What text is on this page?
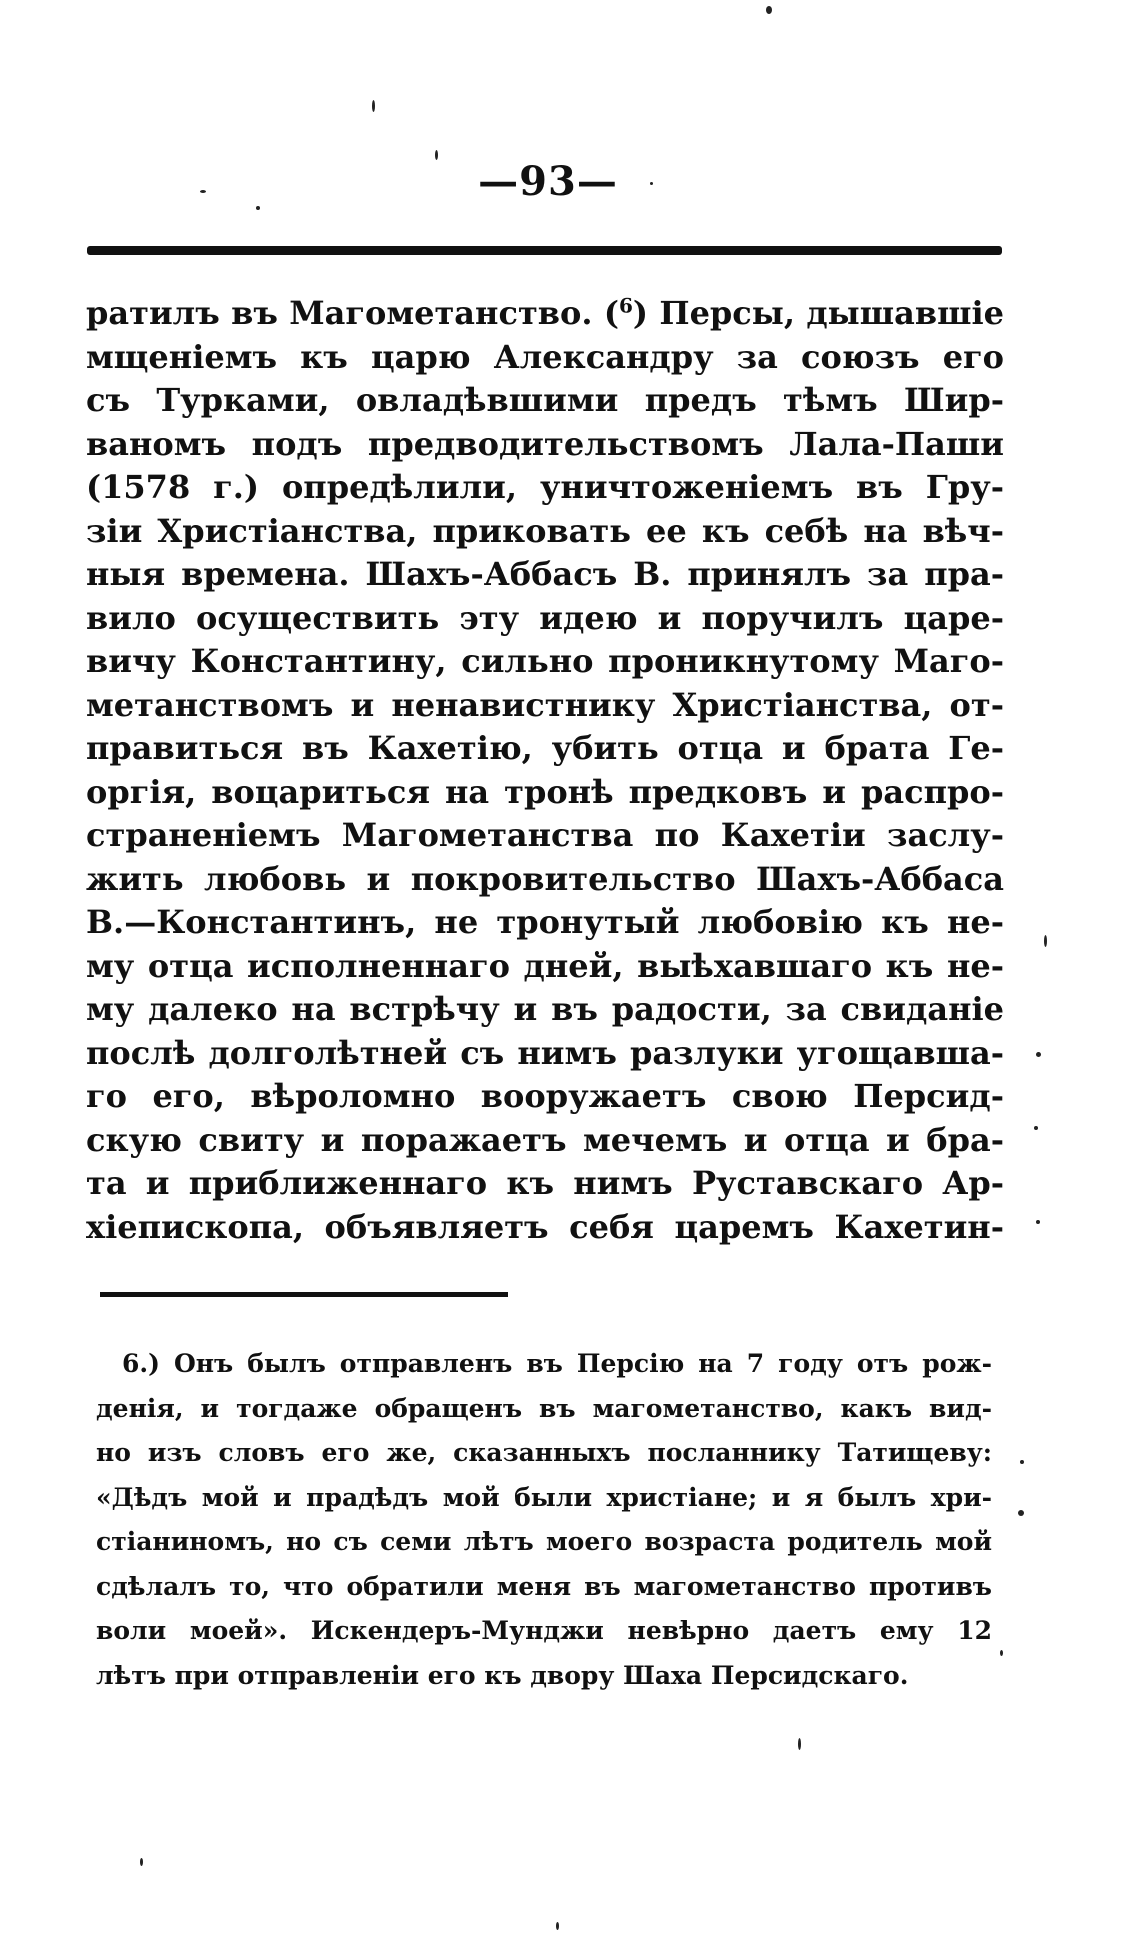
—93—
ратилъ въ Магометанство. ($^6$) Персы, дышавшіе
мщеніемъ къ царю Александру за союзъ его
съ Турками, овладѣвшими предъ тѣмъ Шир-
ваномъ подъ предводительствомъ Лала-Паши
(1578 г.) опредѣлили, уничтоженіемъ въ Гру-
зіи Христіанства, приковать ее къ себѣ на вѣч-
ныя времена. Шахъ-Аббасъ В. принялъ за пра-
вило осуществить эту идею и поручилъ царе-
вичу Константину, сильно проникнутому Маго-
метанствомъ и ненавистнику Христіанства, от-
правиться въ Кахетію, убить отца и брата Ге-
оргія, воцариться на тронѣ предковъ и распро-
страненіемъ Магометанства по Кахетіи заслу-
жить любовь и покровительство Шахъ-Аббаса
В.—Константинъ, не тронутый любовію къ не-
му отца исполненнаго дней, выѣхавшаго къ не-
му далеко на встрѣчу и въ радости, за свиданіе
послѣ долголѣтней съ нимъ разлуки угощавша-
го его, вѣроломно вооружаетъ свою Персид-
скую свиту и поражаетъ мечемъ и отца и бра-
та и приближеннаго къ нимъ Руставскаго Ар-
хіепископа, объявляетъ себя царемъ Кахетин-
6.) Онъ былъ отправленъ въ Персію на 7 году отъ рож-
денія, и тогдаже обращенъ въ магометанство, какъ вид-
но изъ словъ его же, сказанныхъ посланнику Татищеву:
«Дѣдъ мой и прадѣдъ мой были христіане; и я былъ хри-
стіаниномъ, но съ семи лѣтъ моего возраста родитель мой
сдѣлалъ то, что обратили меня въ магометанство противъ
воли моей». Искендеръ-Мунджи невѣрно даетъ ему 12
лѣтъ при отправленіи его къ двору Шаха Персидскаго.
